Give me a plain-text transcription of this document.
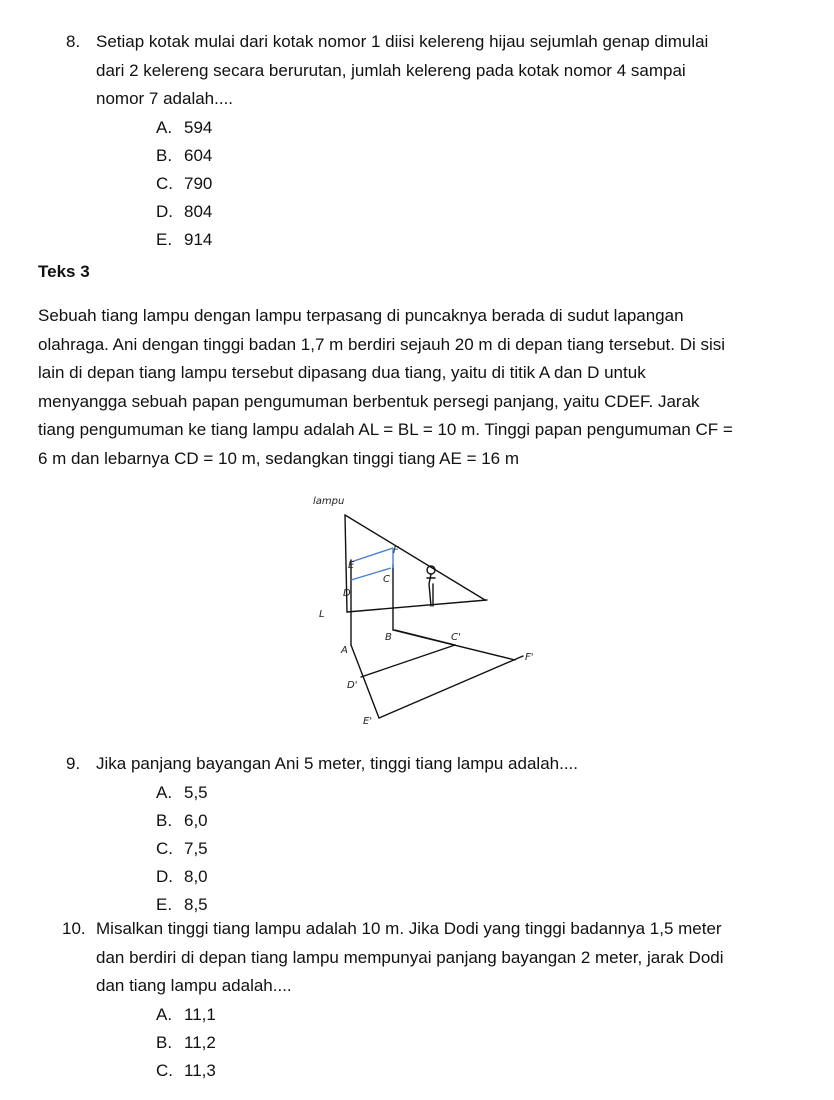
8. Setiap kotak mulai dari kotak nomor 1 diisi kelereng hijau sejumlah genap dimulai
dari 2 kelereng secara berurutan, jumlah kelereng pada kotak nomor 4 sampai
nomor 7 adalah....
A. 594
B. 604
C. 790
D. 804
E. 914
Teks 3

Sebuah tiang lampu dengan lampu terpasang di puncaknya berada di sudut lapangan

olahraga. Ani dengan tinggi badan 1,7 m berdiri sejauh 20 m di depan tiang tersebut. Di sisi

lain di depan tiang lampu tersebut dipasang dua tiang, yaitu di titik A dan D untuk

menyangga sebuah papan pengumuman berbentuk persegi panjang, yaitu CDEF. Jarak

tiang pengumuman ke tiang lampu adalah AL = BL = 10 m. Tinggi papan pengumuman CF =

6 m dan lebarnya CD = 10 m, sedangkan tinggi tiang AE = 16 m

lampu
E
F
D
C
L
A
B	C'
F'
D'
E'
9. Jika panjang bayangan Ani 5 meter, tinggi tiang lampu adalah....
A. 5,5
B. 6,0
C. 7,5
D. 8,0
E. 8,5
10. Misalkan tinggi tiang lampu adalah 10 m. Jika Dodi yang tinggi badannya 1,5 meter
dan berdiri di depan tiang lampu mempunyai panjang bayangan 2 meter, jarak Dodi
dan tiang lampu adalah....
A. 11,1
B. 11,2
C. 11,3
